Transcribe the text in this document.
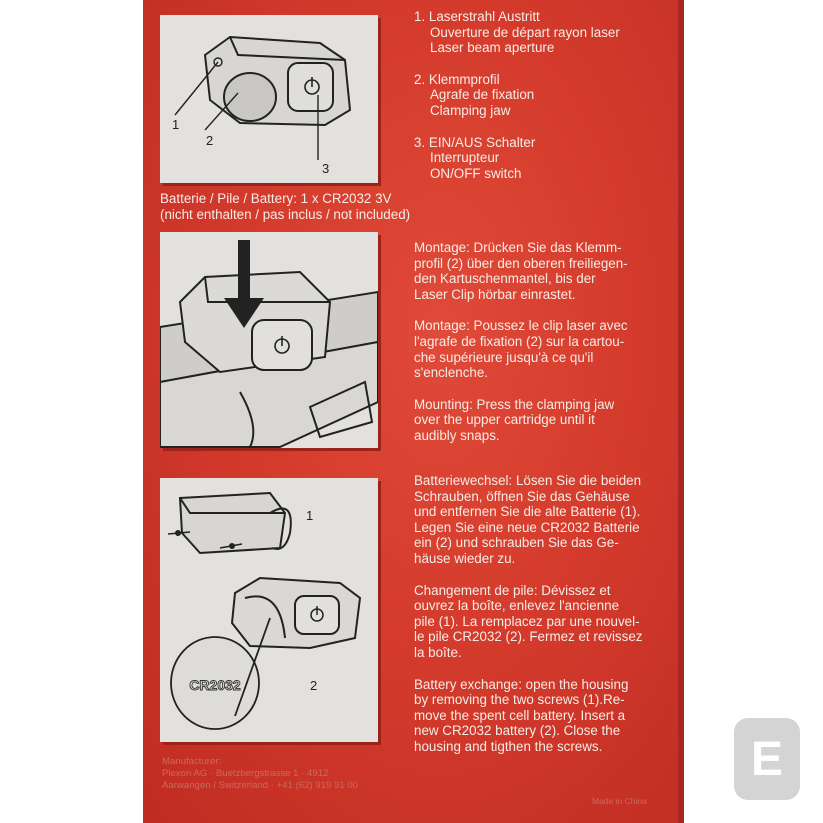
1
2
3

1. Laserstrahl Austritt

Ouverture de départ rayon laser

Laser beam aperture

2. Klemmprofil

Agrafe de fixation

Clamping jaw

3. EIN/AUS Schalter

Interrupteur

ON/OFF switch

Batterie / Pile / Battery: 1 x CR2032 3V

(nicht enthalten / pas inclus / not included)

Montage: Drücken Sie das Klemm-

profil (2) über den oberen freiliegen-

den Kartuschenmantel, bis der

Laser Clip hörbar einrastet.

Montage: Poussez le clip laser avec

l'agrafe de fixation (2) sur la cartou-

che supérieure jusqu'à ce qu'il

s'enclenche.

Mounting: Press the clamping jaw

over the upper cartridge until it

audibly snaps.

1
CR2032	2

Batteriewechsel: Lösen Sie die beiden

Schrauben, öffnen Sie das Gehäuse

und entfernen Sie die alte Batterie (1).

Legen Sie eine neue CR2032 Batterie

ein (2) und schrauben Sie das Ge-

häuse wieder zu.

Changement de pile: Dévissez et

ouvrez la boîte, enlevez l'ancienne

pile (1). La remplacez par une nouvel-

le pile CR2032 (2). Fermez et revissez

la boîte.

Battery exchange: open the housing

by removing the two screws (1).Re-

move the spent cell battery. Insert a

new CR2032 battery (2). Close the

housing and tigthen the screws.

Manufacturer:

Plexon AG · Buetzbergstrasse 1 · 4912

Aarwangen / Switzerland · +41 (62) 919 91 00

Made in China
E
